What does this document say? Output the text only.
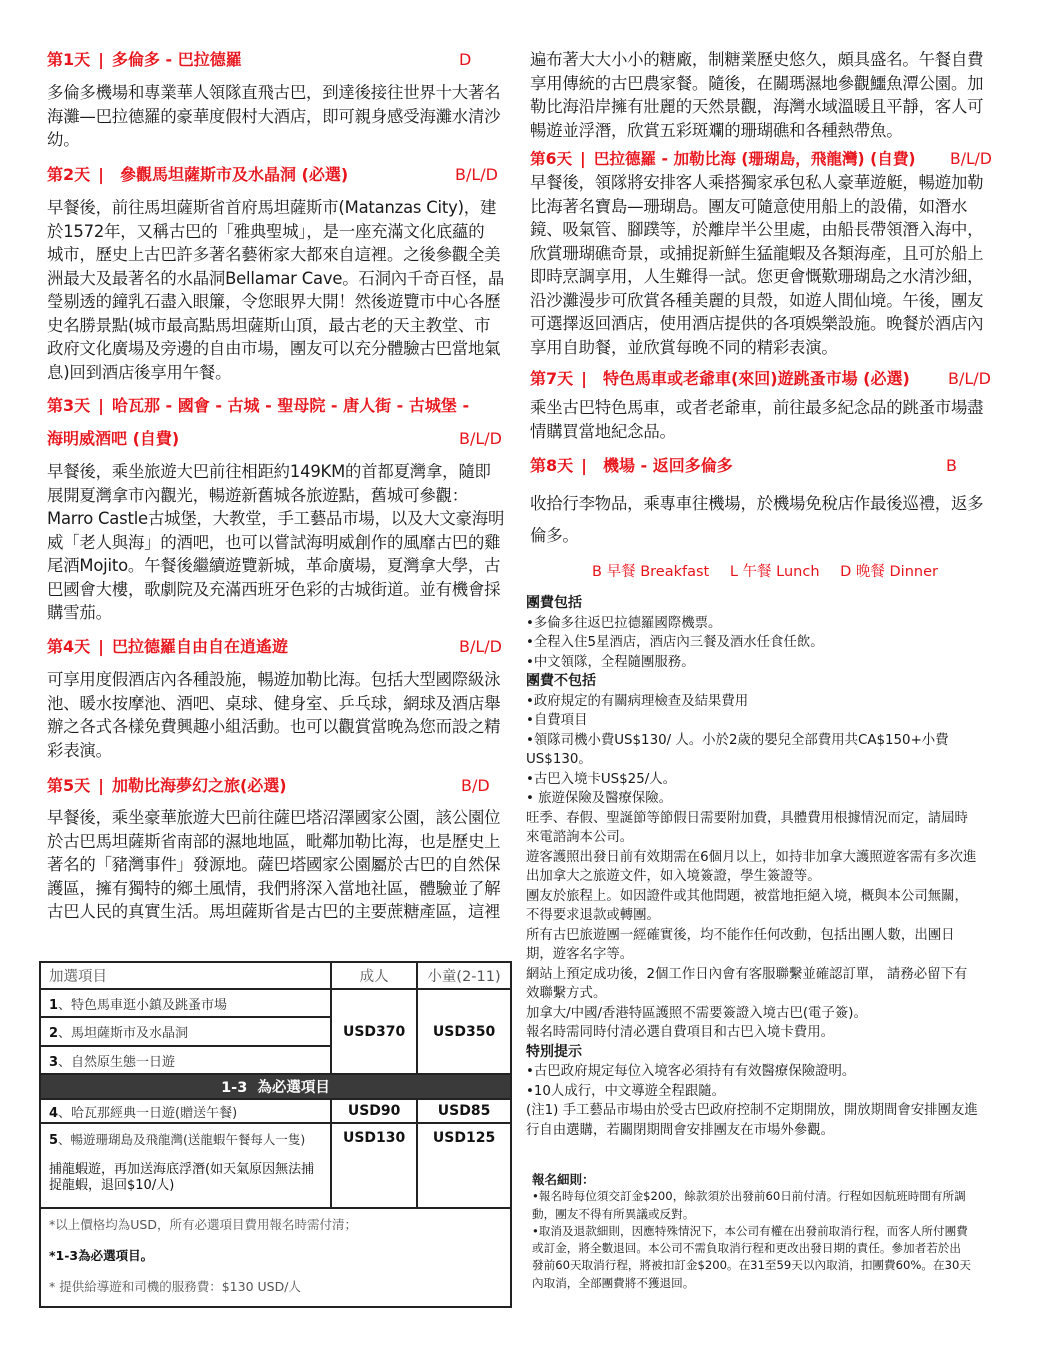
第1天 | 多倫多 - 巴拉德羅	D
多倫多機場和專業華人領隊直飛古巴，到達後接往世界十大著名
海灘—巴拉德羅的豪華度假村大酒店，即可親身感受海灘水清沙
幼。
第2天 | 參觀馬坦薩斯市及水晶洞 (必選)	B/L/D
早餐後，前往馬坦薩斯省首府馬坦薩斯市(Matanzas City)，建
於1572年，又稱古巴的「雅典聖城」，是一座充滿文化底蘊的
城市，歷史上古巴許多著名藝術家大都來自這裡。之後參觀全美
洲最大及最著名的水晶洞Bellamar Cave。石洞內千奇百怪，晶
瑩剔透的鐘乳石盡入眼簾，令您眼界大開！然後遊覽市中心各歷
史名勝景點(城市最高點馬坦薩斯山頂，最古老的天主教堂、市
政府文化廣場及旁邊的自由市場，團友可以充分體驗古巴當地氣
息)回到酒店後享用午餐。
第3天 | 哈瓦那 - 國會 - 古城 - 聖母院 - 唐人街 - 古城堡 -
海明威酒吧 (自費)	B/L/D
早餐後，乘坐旅遊大巴前往相距約149KM的首都夏灣拿，隨即
展開夏灣拿市內觀光，暢遊新舊城各旅遊點，舊城可參觀：
Marro Castle古城堡，大教堂，手工藝品市場，以及大文豪海明
威「老人與海」的酒吧，也可以嘗試海明威創作的風靡古巴的雞
尾酒Mojito。午餐後繼續遊覽新城，革命廣場，夏灣拿大學，古
巴國會大樓，歌劇院及充滿西班牙色彩的古城街道。並有機會採
購雪茄。
第4天 | 巴拉德羅自由自在逍遙遊	B/L/D
可享用度假酒店內各種設施，暢遊加勒比海。包括大型國際級泳
池、暖水按摩池、酒吧、桌球、健身室、乒乓球，網球及酒店舉
辦之各式各樣免費興趣小組活動。也可以觀賞當晚為您而設之精
彩表演。
第5天 | 加勒比海夢幻之旅(必選)	B/D
早餐後，乘坐豪華旅遊大巴前往薩巴塔沼澤國家公園，該公園位
於古巴馬坦薩斯省南部的濕地地區，毗鄰加勒比海，也是歷史上
著名的「豬灣事件」發源地。薩巴塔國家公園屬於古巴的自然保
護區，擁有獨特的鄉土風情，我們將深入當地社區，體驗並了解
古巴人民的真實生活。馬坦薩斯省是古巴的主要蔗糖產區，這裡
加選項目	成人	小童(2-11)
1、特色馬車逛小鎮及跳蚤市場	USD370	USD350
2、馬坦薩斯市及水晶洞		
3、自然原生態一日遊		
1-3  為必選項目		
4、哈瓦那經典一日遊(贈送午餐)	USD90	USD85

5、暢遊珊瑚島及飛龍灣(送龍蝦午餐每人一隻)
捕龍蝦遊，再加送海底浮潛(如天氣原因無法捕捉龍蝦，退回$10/人)	USD130	USD125

*以上價格均為USD，所有必選項目費用報名時需付清；
*1-3為必選項目。
* 提供給導遊和司機的服務費：$130 USD/人		
遍布著大大小小的糖廠，制糖業歷史悠久，頗具盛名。午餐自費
享用傳統的古巴農家餐。隨後，在關瑪濕地參觀鱷魚潭公園。加
勒比海沿岸擁有壯麗的天然景觀，海灣水域溫暖且平靜，客人可
暢遊並浮潛，欣賞五彩斑斕的珊瑚礁和各種熱帶魚。
第6天 | 巴拉德羅 - 加勒比海 (珊瑚島，飛龍灣) (自費) B/L/D
早餐後，領隊將安排客人乘搭獨家承包私人豪華遊艇，暢遊加勒
比海著名寶島—珊瑚島。團友可隨意使用船上的設備，如潛水
鏡、吸氣管、腳蹼等，於離岸半公里處，由船長帶領潛入海中，
欣賞珊瑚礁奇景，或捕捉新鮮生猛龍蝦及各類海產，且可於船上
即時烹調享用，人生難得一試。您更會慨歎珊瑚島之水清沙細，
沿沙灘漫步可欣賞各種美麗的貝殼，如遊人間仙境。午後，團友
可選擇返回酒店，使用酒店提供的各項娛樂設施。晚餐於酒店內
享用自助餐，並欣賞每晚不同的精彩表演。
第7天 | 特色馬車或老爺車(來回)遊跳蚤市場 (必選) B/L/D
乘坐古巴特色馬車，或者老爺車，前往最多紀念品的跳蚤市場盡
情購買當地紀念品。
第8天 | 機場 - 返回多倫多	B
收拾行李物品，乘專車往機場，於機場免稅店作最後巡禮，返多
倫多。
B 早餐 Breakfast L 午餐 Lunch D 晚餐 Dinner
團費包括
•多倫多往返巴拉德羅國際機票。
•全程入住5星酒店，酒店內三餐及酒水任食任飲。
•中文領隊，全程隨團服務。
團費不包括
•政府規定的有關病理檢查及結果費用
•自費項目
•領隊司機小費US$130/ 人。小於2歲的嬰兒全部費用共CA$150+小費
US$130。
•古巴入境卡US$25/人。
• 旅遊保險及醫療保險。
旺季、春假、聖誕節等節假日需要附加費，具體費用根據情況而定，請屆時
來電諮詢本公司。
遊客護照出發日前有效期需在6個月以上，如持非加拿大護照遊客需有多次進
出加拿大之旅遊文件，如入境簽證，學生簽證等。
團友於旅程上。如因證件或其他問題，被當地拒絕入境，概與本公司無關，
不得要求退款或轉團。
所有古巴旅遊團一經確實後，均不能作任何改動，包括出團人數，出團日
期，遊客名字等。
網站上預定成功後，2個工作日內會有客服聯繫並確認訂單， 請務必留下有
效聯繫方式。
加拿大/中國/香港特區護照不需要簽證入境古巴(電子簽)。
報名時需同時付清必選自費項目和古巴入境卡費用。
特別提示
•古巴政府規定每位入境客必須持有有效醫療保險證明。
•10人成行，中文導遊全程跟隨。
(注1) 手工藝品市場由於受古巴政府控制不定期開放，開放期間會安排團友進
行自由選購，若關閉期間會安排團友在市場外參觀。
報名細則：
•報名時每位須交訂金$200，餘款須於出發前60日前付清。行程如因航班時間有所調
動，團友不得有所異議或反對。
•取消及退款細則，因應特殊情況下，本公司有權在出發前取消行程，而客人所付團費
或訂金，將全數退回。本公司不需負取消行程和更改出發日期的責任。參加者若於出
發前60天取消行程，將被扣訂金$200。在31至59天以內取消，扣團費60%。在30天
內取消，全部團費將不獲退回。
